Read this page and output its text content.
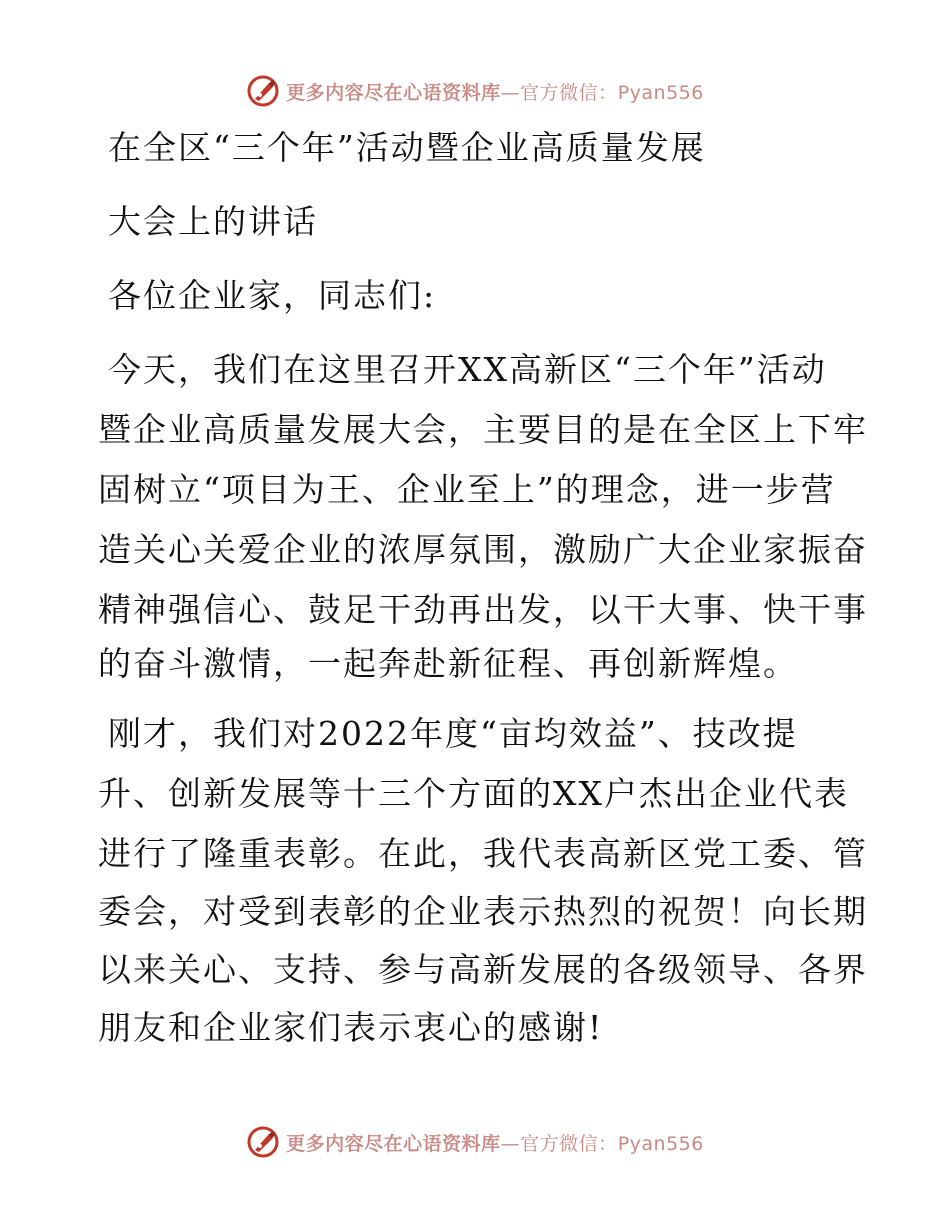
更多内容尽在心语资料库—官方微信：Pyan556
在全区“三个年”活动暨企业高质量发展
大会上的讲话
各位企业家，同志们:
今天，我们在这里召开XX高新区“三个年”活动
暨企业高质量发展大会，主要目的是在全区上下牢
固树立“项目为王、企业至上”的理念，进一步营
造关心关爱企业的浓厚氛围，激励广大企业家振奋
精神强信心、鼓足干劲再出发，以干大事、快干事
的奋斗激情，一起奔赴新征程、再创新辉煌。
刚才，我们对2022年度“亩均效益”、技改提
升、创新发展等十三个方面的XX户杰出企业代表
进行了隆重表彰。在此，我代表高新区党工委、管
委会，对受到表彰的企业表示热烈的祝贺！向长期
以来关心、支持、参与高新发展的各级领导、各界
朋友和企业家们表示衷心的感谢!
更多内容尽在心语资料库—官方微信：Pyan556
